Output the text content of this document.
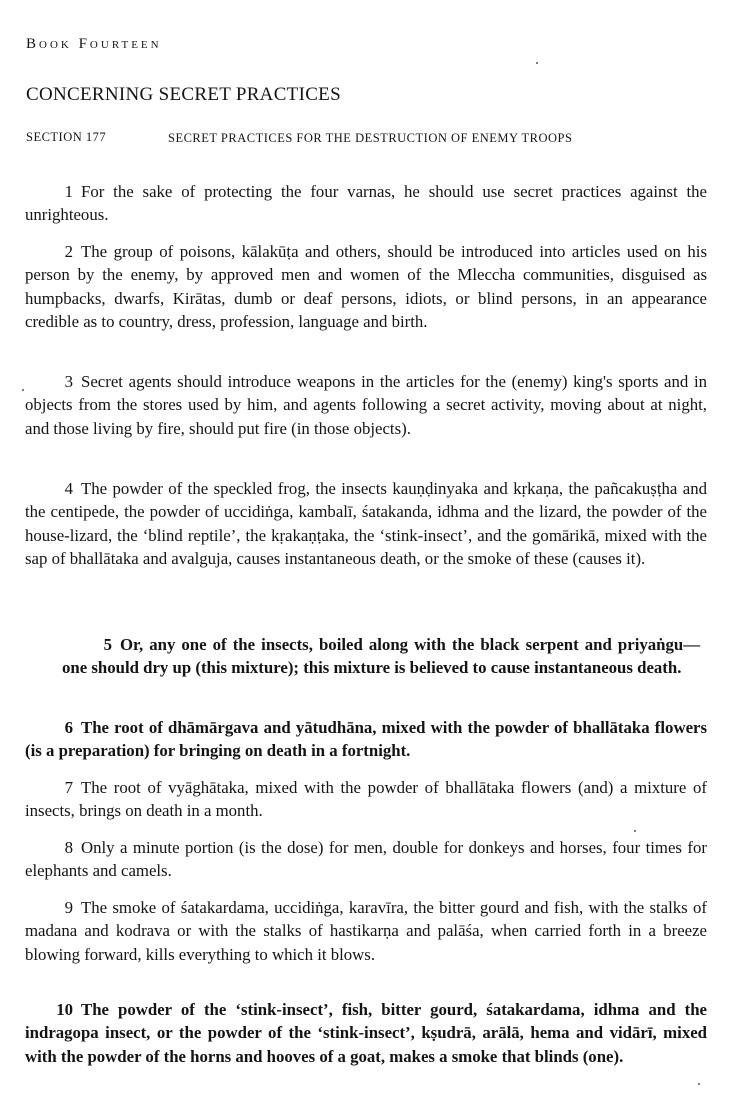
Book Fourteen
CONCERNING SECRET PRACTICES
SECTION 177	SECRET PRACTICES FOR THE DESTRUCTION OF ENEMY TROOPS

1 For the sake of protecting the four varnas, he should use secret practices against the unrighteous.

2 The group of poisons, kālakūṭa and others, should be introduced into articles used on his person by the enemy, by approved men and women of the Mleccha communities, disguised as humpbacks, dwarfs, Kirātas, dumb or deaf persons, idiots, or blind persons, in an appearance credible as to country, dress, profession, language and birth.

3 Secret agents should introduce weapons in the articles for the (enemy) king's sports and in objects from the stores used by him, and agents following a secret activity, moving about at night, and those living by fire, should put fire (in those objects).

4 The powder of the speckled frog, the insects kauṇḍinyaka and kṛkaṇa, the pañcakuṣṭha and the centipede, the powder of uccidiṅga, kambalī, śatakanda, idhma and the lizard, the powder of the house-lizard, the ‘blind reptile’, the kṛakaṇṭaka, the ‘stink-insect’, and the gomārikā, mixed with the sap of bhallātaka and avalguja, causes instantaneous death, or the smoke of these (causes it).

5 Or, any one of the insects, boiled along with the black serpent and priyaṅgu—one should dry up (this mixture); this mixture is believed to cause instantaneous death.

6 The root of dhāmārgava and yātudhāna, mixed with the powder of bhallātaka flowers (is a preparation) for bringing on death in a fortnight.

7 The root of vyāghātaka, mixed with the powder of bhallātaka flowers (and) a mixture of insects, brings on death in a month.

8 Only a minute portion (is the dose) for men, double for donkeys and horses, four times for elephants and camels.

9 The smoke of śatakardama, uccidiṅga, karavīra, the bitter gourd and fish, with the stalks of madana and kodrava or with the stalks of hastikarṇa and palāśa, when carried forth in a breeze blowing forward, kills everything to which it blows.

10 The powder of the ‘stink-insect’, fish, bitter gourd, śatakardama, idhma and the indragopa insect, or the powder of the ‘stink-insect’, kṣudrā, arālā, hema and vidārī, mixed with the powder of the horns and hooves of a goat, makes a smoke that blinds (one).
